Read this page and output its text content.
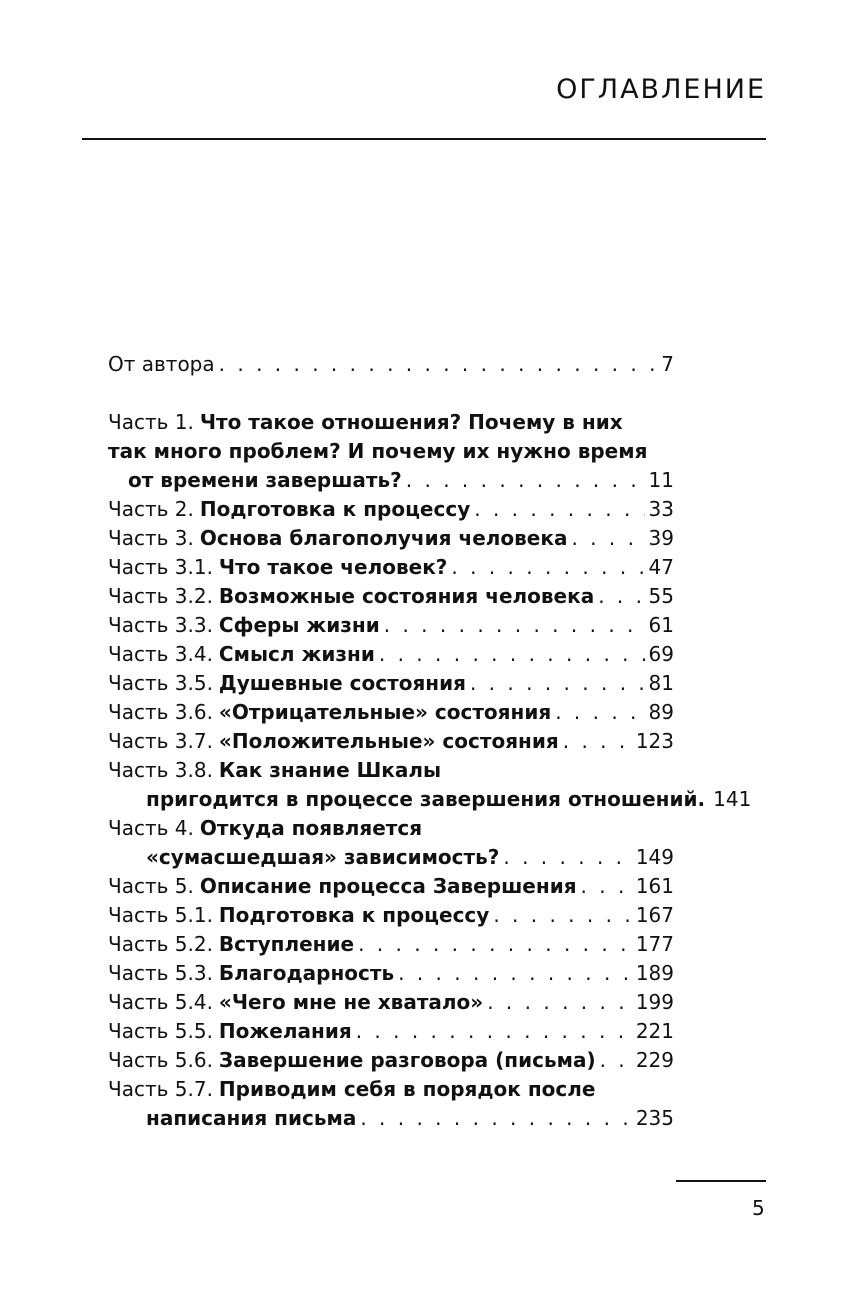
ОГЛАВЛЕНИЕ
От автора . . .	7
Часть 1. Что такое отношения? Почему в них
так много проблем? И почему их нужно время
от времени завершать? . . .	11
Часть 2. Подготовка к процессу . . .	33
Часть 3. Основа благополучия человека . . .	39
Часть 3.1. Что такое человек? . . .	47
Часть 3.2. Возможные состояния человека . . .	55
Часть 3.3. Сферы жизни . . .	61
Часть 3.4. Смысл жизни . . .	69
Часть 3.5. Душевные состояния . . .	81
Часть 3.6. «Отрицательные» состояния . . .	89
Часть 3.7. «Положительные» состояния . . .	123
Часть 3.8. Как знание Шкалы
пригодится в процессе завершения отношений. 141
Часть 4. Откуда появляется
«сумасшедшая» зависимость? . . .	149
Часть 5. Описание процесса Завершения . . .	161
Часть 5.1. Подготовка к процессу . . .	167
Часть 5.2. Вступление . . .	177
Часть 5.3. Благодарность . . .	189
Часть 5.4. «Чего мне не хватало» . . .	199
Часть 5.5. Пожелания . . .	221
Часть 5.6. Завершение разговора (письма) . . . 229
Часть 5.7. Приводим себя в порядок после
написания письма . . .	235
5
